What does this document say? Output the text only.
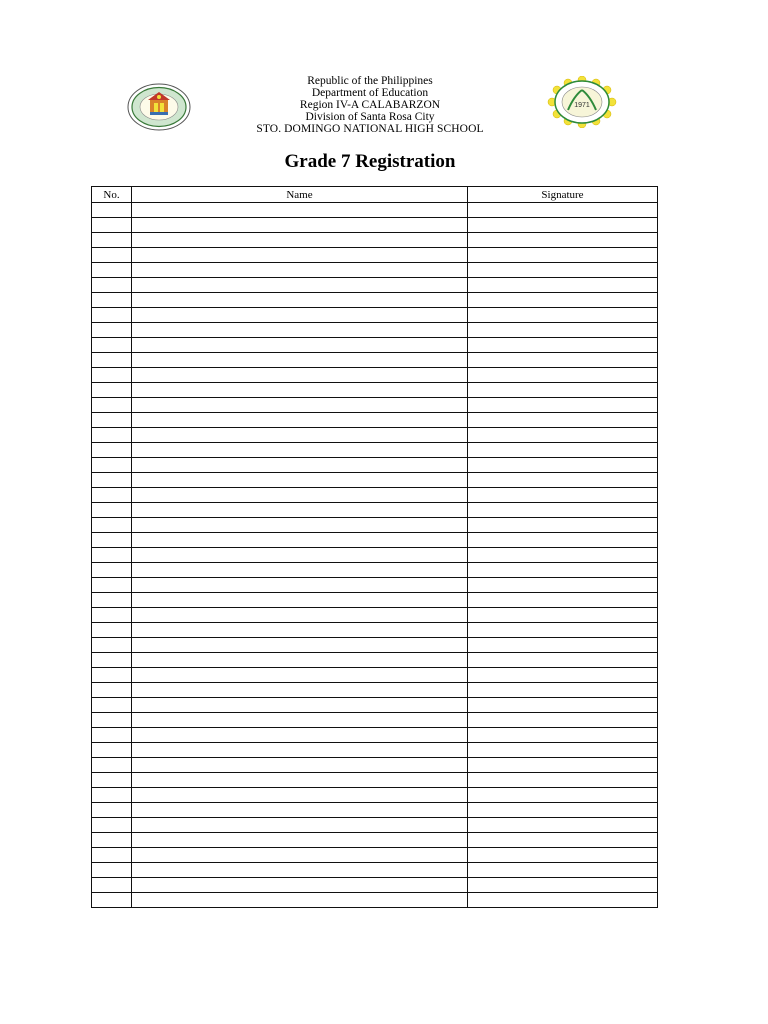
1971
Republic of the Philippines
Department of Education
Region IV-A CALABARZON
Division of Santa Rosa City
STO. DOMINGO NATIONAL HIGH SCHOOL
Grade 7 Registration
No.	Name	Signature
